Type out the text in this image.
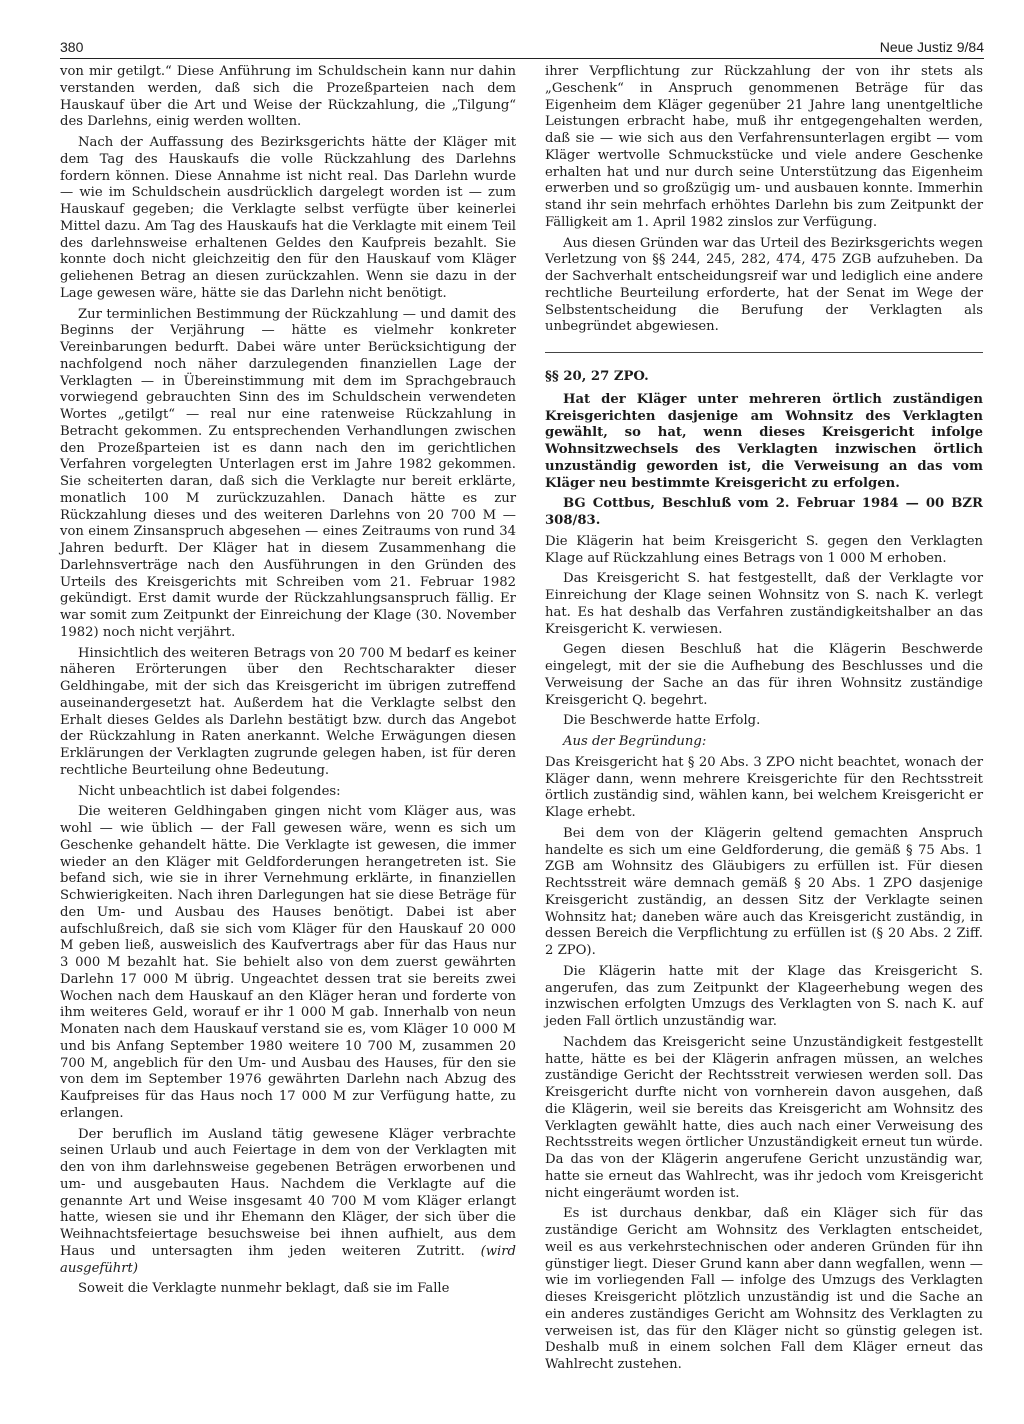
380	Neue Justiz 9/84

von mir getilgt.“ Diese Anführung im Schuldschein kann nur dahin verstanden werden, daß sich die Prozeßparteien nach dem Hauskauf über die Art und Weise der Rückzahlung, die „Tilgung“ des Darlehns, einig werden wollten.

Nach der Auffassung des Bezirksgerichts hätte der Kläger mit dem Tag des Hauskaufs die volle Rückzahlung des Darlehns fordern können. Diese Annahme ist nicht real. Das Darlehn wurde — wie im Schuldschein ausdrücklich dargelegt worden ist — zum Hauskauf gegeben; die Verklagte selbst verfügte über keinerlei Mittel dazu. Am Tag des Hauskaufs hat die Verklagte mit einem Teil des darlehnsweise erhaltenen Geldes den Kaufpreis bezahlt. Sie konnte doch nicht gleichzeitig den für den Hauskauf vom Kläger geliehenen Betrag an diesen zurückzahlen. Wenn sie dazu in der Lage gewesen wäre, hätte sie das Darlehn nicht benötigt.

Zur terminlichen Bestimmung der Rückzahlung — und damit des Beginns der Verjährung — hätte es vielmehr konkreter Vereinbarungen bedurft. Dabei wäre unter Berücksichtigung der nachfolgend noch näher darzulegenden finanziellen Lage der Verklagten — in Übereinstimmung mit dem im Sprachgebrauch vorwiegend gebrauchten Sinn des im Schuldschein verwendeten Wortes „getilgt“ — real nur eine ratenweise Rückzahlung in Betracht gekommen. Zu entsprechenden Verhandlungen zwischen den Prozeßparteien ist es dann nach den im gerichtlichen Verfahren vorgelegten Unterlagen erst im Jahre 1982 gekommen. Sie scheiterten daran, daß sich die Verklagte nur bereit erklärte, monatlich 100 M zurückzuzahlen. Danach hätte es zur Rückzahlung dieses und des weiteren Darlehns von 20 700 M — von einem Zinsanspruch abgesehen — eines Zeitraums von rund 34 Jahren bedurft. Der Kläger hat in diesem Zusammenhang die Darlehnsverträge nach den Ausführungen in den Gründen des Urteils des Kreisgerichts mit Schreiben vom 21. Februar 1982 gekündigt. Erst damit wurde der Rückzahlungsanspruch fällig. Er war somit zum Zeitpunkt der Einreichung der Klage (30. November 1982) noch nicht verjährt.

Hinsichtlich des weiteren Betrags von 20 700 M bedarf es keiner näheren Erörterungen über den Rechtscharakter dieser Geldhingabe, mit der sich das Kreisgericht im übrigen zutreffend auseinandergesetzt hat. Außerdem hat die Verklagte selbst den Erhalt dieses Geldes als Darlehn bestätigt bzw. durch das Angebot der Rückzahlung in Raten anerkannt. Welche Erwägungen diesen Erklärungen der Verklagten zugrunde gelegen haben, ist für deren rechtliche Beurteilung ohne Bedeutung.

Nicht unbeachtlich ist dabei folgendes:

Die weiteren Geldhingaben gingen nicht vom Kläger aus, was wohl — wie üblich — der Fall gewesen wäre, wenn es sich um Geschenke gehandelt hätte. Die Verklagte ist gewesen, die immer wieder an den Kläger mit Geldforderungen herangetreten ist. Sie befand sich, wie sie in ihrer Vernehmung erklärte, in finanziellen Schwierigkeiten. Nach ihren Darlegungen hat sie diese Beträge für den Um- und Ausbau des Hauses benötigt. Dabei ist aber aufschlußreich, daß sie sich vom Kläger für den Hauskauf 20 000 M geben ließ, ausweislich des Kaufvertrags aber für das Haus nur 3 000 M bezahlt hat. Sie behielt also von dem zuerst gewährten Darlehn 17 000 M übrig. Ungeachtet dessen trat sie bereits zwei Wochen nach dem Hauskauf an den Kläger heran und forderte von ihm weiteres Geld, worauf er ihr 1 000 M gab. Innerhalb von neun Monaten nach dem Hauskauf verstand sie es, vom Kläger 10 000 M und bis Anfang September 1980 weitere 10 700 M, zusammen 20 700 M, angeblich für den Um- und Ausbau des Hauses, für den sie von dem im September 1976 gewährten Darlehn nach Abzug des Kaufpreises für das Haus noch 17 000 M zur Verfügung hatte, zu erlangen.

Der beruflich im Ausland tätig gewesene Kläger verbrachte seinen Urlaub und auch Feiertage in dem von der Verklagten mit den von ihm darlehnsweise gegebenen Beträgen erworbenen und um- und ausgebauten Haus. Nachdem die Verklagte auf die genannte Art und Weise insgesamt 40 700 M vom Kläger erlangt hatte, wiesen sie und ihr Ehemann den Kläger, der sich über die Weihnachtsfeiertage besuchsweise bei ihnen aufhielt, aus dem Haus und untersagten ihm jeden weiteren Zutritt. (wird ausgeführt)

Soweit die Verklagte nunmehr beklagt, daß sie im Falle

ihrer Verpflichtung zur Rückzahlung der von ihr stets als „Geschenk“ in Anspruch genommenen Beträge für das Eigenheim dem Kläger gegenüber 21 Jahre lang unentgeltliche Leistungen erbracht habe, muß ihr entgegengehalten werden, daß sie — wie sich aus den Verfahrensunterlagen ergibt — vom Kläger wertvolle Schmuckstücke und viele andere Geschenke erhalten hat und nur durch seine Unterstützung das Eigenheim erwerben und so großzügig um- und ausbauen konnte. Immerhin stand ihr sein mehrfach erhöhtes Darlehn bis zum Zeitpunkt der Fälligkeit am 1. April 1982 zinslos zur Verfügung.

Aus diesen Gründen war das Urteil des Bezirksgerichts wegen Verletzung von §§ 244, 245, 282, 474, 475 ZGB aufzuheben. Da der Sachverhalt entscheidungsreif war und lediglich eine andere rechtliche Beurteilung erforderte, hat der Senat im Wege der Selbstentscheidung die Berufung der Verklagten als unbegründet abgewiesen.

§§ 20, 27 ZPO.

Hat der Kläger unter mehreren örtlich zuständigen Kreisgerichten dasjenige am Wohnsitz des Verklagten gewählt, so hat, wenn dieses Kreisgericht infolge Wohnsitzwechsels des Verklagten inzwischen örtlich unzuständig geworden ist, die Verweisung an das vom Kläger neu bestimmte Kreisgericht zu erfolgen.

BG Cottbus, Beschluß vom 2. Februar 1984 — 00 BZR 308/83.

Die Klägerin hat beim Kreisgericht S. gegen den Verklagten Klage auf Rückzahlung eines Betrags von 1 000 M erhoben.

Das Kreisgericht S. hat festgestellt, daß der Verklagte vor Einreichung der Klage seinen Wohnsitz von S. nach K. verlegt hat. Es hat deshalb das Verfahren zuständigkeitshalber an das Kreisgericht K. verwiesen.

Gegen diesen Beschluß hat die Klägerin Beschwerde eingelegt, mit der sie die Aufhebung des Beschlusses und die Verweisung der Sache an das für ihren Wohnsitz zuständige Kreisgericht Q. begehrt.

Die Beschwerde hatte Erfolg.

Aus der Begründung:

Das Kreisgericht hat § 20 Abs. 3 ZPO nicht beachtet, wonach der Kläger dann, wenn mehrere Kreisgerichte für den Rechtsstreit örtlich zuständig sind, wählen kann, bei welchem Kreisgericht er Klage erhebt.

Bei dem von der Klägerin geltend gemachten Anspruch handelte es sich um eine Geldforderung, die gemäß § 75 Abs. 1 ZGB am Wohnsitz des Gläubigers zu erfüllen ist. Für diesen Rechtsstreit wäre demnach gemäß § 20 Abs. 1 ZPO dasjenige Kreisgericht zuständig, an dessen Sitz der Verklagte seinen Wohnsitz hat; daneben wäre auch das Kreisgericht zuständig, in dessen Bereich die Verpflichtung zu erfüllen ist (§ 20 Abs. 2 Ziff. 2 ZPO).

Die Klägerin hatte mit der Klage das Kreisgericht S. angerufen, das zum Zeitpunkt der Klageerhebung wegen des inzwischen erfolgten Umzugs des Verklagten von S. nach K. auf jeden Fall örtlich unzuständig war.

Nachdem das Kreisgericht seine Unzuständigkeit festgestellt hatte, hätte es bei der Klägerin anfragen müssen, an welches zuständige Gericht der Rechtsstreit verwiesen werden soll. Das Kreisgericht durfte nicht von vornherein davon ausgehen, daß die Klägerin, weil sie bereits das Kreisgericht am Wohnsitz des Verklagten gewählt hatte, dies auch nach einer Verweisung des Rechtsstreits wegen örtlicher Unzuständigkeit erneut tun würde. Da das von der Klägerin angerufene Gericht unzuständig war, hatte sie erneut das Wahlrecht, was ihr jedoch vom Kreisgericht nicht eingeräumt worden ist.

Es ist durchaus denkbar, daß ein Kläger sich für das zuständige Gericht am Wohnsitz des Verklagten entscheidet, weil es aus verkehrstechnischen oder anderen Gründen für ihn günstiger liegt. Dieser Grund kann aber dann wegfallen, wenn — wie im vorliegenden Fall — infolge des Umzugs des Verklagten dieses Kreisgericht plötzlich unzuständig ist und die Sache an ein anderes zuständiges Gericht am Wohnsitz des Verklagten zu verweisen ist, das für den Kläger nicht so günstig gelegen ist. Deshalb muß in einem solchen Fall dem Kläger erneut das Wahlrecht zustehen.
